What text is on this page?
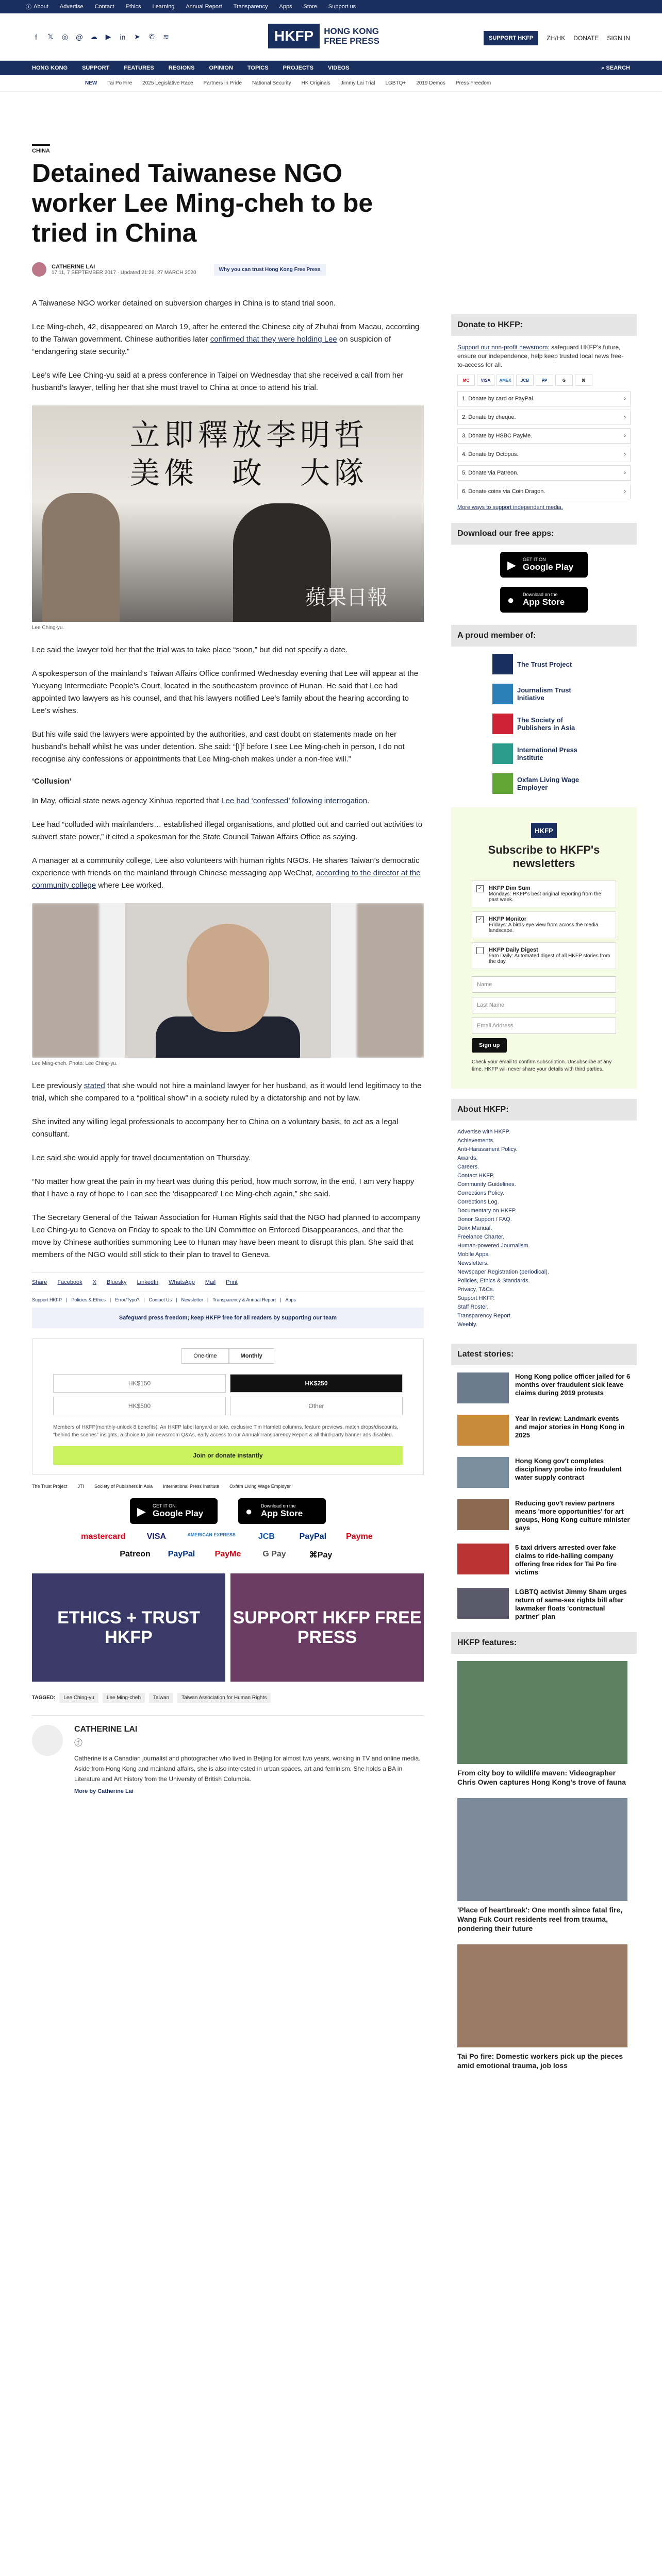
ⓘ About Advertise Contact Ethics Learning Annual Report Transparency Apps Store Support us
f	𝕏 ◎ @ ☁ ▶ in ➤ ✆ ≋	HKFP	HONG KONG
FREE PRESS	SUPPORT HKFP	ZH/HK DONATE SIGN IN
HONG KONG	SUPPORT	FEATURES	REGIONS	OPINION	TOPICS	PROJECTS	VIDEOS	⌕ SEARCH
NEW Tai Po Fire 2025 Legislative Race Partners in Pride National Security HK Originals Jimmy Lai Trial LGBTQ+ 2019 Demos Press Freedom
CHINA
Detained Taiwanese NGO worker Lee Ming-cheh to be tried in China
CATHERINE LAI
17:11, 7 SEPTEMBER 2017 · Updated 21:26, 27 MARCH 2020
Why you can trust Hong Kong Free Press

A Taiwanese NGO worker detained on subversion charges in China is to stand trial soon.

Lee Ming-cheh, 42, disappeared on March 19, after he entered the Chinese city of Zhuhai from Macau, according to the Taiwan government. Chinese authorities later confirmed that they were holding Lee on suspicion of “endangering state security.”

Lee’s wife Lee Ching-yu said at a press conference in Taipei on Wednesday that she received a call from her husband’s lawyer, telling her that she must travel to China at once to attend his trial.

立即釋放李明哲
美傑　政　大隊
蘋果日報
Lee Ching-yu.

Lee said the lawyer told her that the trial was to take place “soon,” but did not specify a date.

A spokesperson of the mainland’s Taiwan Affairs Office confirmed Wednesday evening that Lee will appear at the Yueyang Intermediate People’s Court, located in the southeastern province of Hunan. He said that Lee had appointed two lawyers as his counsel, and that his lawyers notified Lee’s family about the hearing according to Lee’s wishes.

But his wife said the lawyers were appointed by the authorities, and cast doubt on statements made on her husband’s behalf whilst he was under detention. She said: “[I]f before I see Lee Ming-cheh in person, I do not recognise any confessions or appointments that Lee Ming-cheh makes under a non-free will.”

‘Collusion’

In May, official state news agency Xinhua reported that Lee had ‘confessed’ following interrogation.

Lee had “colluded with mainlanders… established illegal organisations, and plotted out and carried out activities to subvert state power,” it cited a spokesman for the State Council Taiwan Affairs Office as saying.

A manager at a community college, Lee also volunteers with human rights NGOs. He shares Taiwan’s democratic experience with friends on the mainland through Chinese messaging app WeChat, according to the director at the community college where Lee worked.

Lee Ming-cheh. Photo: Lee Ching-yu.

Lee previously stated that she would not hire a mainland lawyer for her husband, as it would lend legitimacy to the trial, which she compared to a “political show” in a society ruled by a dictatorship and not by law.

She invited any willing legal professionals to accompany her to China on a voluntary basis, to act as a legal consultant.

Lee said she would apply for travel documentation on Thursday.

“No matter how great the pain in my heart was during this period, how much sorrow, in the end, I am very happy that I have a ray of hope to I can see the ‘disappeared’ Lee Ming-cheh again,” she said.

The Secretary General of the Taiwan Association for Human Rights said that the NGO had planned to accompany Lee Ching-yu to Geneva on Friday to speak to the UN Committee on Enforced Disappearances, and that the move by Chinese authorities summoning Lee to Hunan may have been meant to disrupt this plan. She said that members of the NGO would still stick to their plan to travel to Geneva.

Share Facebook X Bluesky LinkedIn WhatsApp Mail Print
Support HKFP | Policies & Ethics | Error/Typo? | Contact Us | Newsletter | Transparency & Annual Report | Apps
Safeguard press freedom; keep HKFP free for all readers by supporting our team
One-time	Monthly
HK$150	HK$250
HK$500	Other
Members of HKFP(monthly-unlock 8 benefits): An HKFP label lanyard or tote, exclusive Tim Hamlett columns, feature previews, match drops/discounts, “behind the scenes” insights, a choice to join newsroom Q&As, early access to our Annual/Transparency Report & all third-party banner ads disabled.
Join or donate instantly
The Trust Project JTI Society of Publishers in Asia International Press Institute Oxfam Living Wage Employer
▶ GET IT ON
Google Play	● Download on the
App Store
mastercard	VISA	AMERICAN EXPRESS	JCB	PayPal Payme
Patreon PayPal PayMe	G Pay	⌘Pay
ETHICS + TRUST HKFP
SUPPORT HKFP FREE PRESS
TAGGED:	Lee Ching-yu	Lee Ming-cheh	Taiwan	Taiwan Association for Human Rights
CATHERINE LAI
ⓕ
Catherine is a Canadian journalist and photographer who lived in Beijing for almost two years, working in TV and online media. Aside from Hong Kong and mainland affairs, she is also interested in urban spaces, art and feminism. She holds a BA in Literature and Art History from the University of British Columbia.
More by Catherine Lai
Donate to HKFP:
Support our non-profit newsroom: safeguard HKFP's future, ensure our independence, help keep trusted local news free-to-access for all.
MC	VISA	AMEX	JCB	PP	G	⌘
1. Donate by card or PayPal.	›
2. Donate by cheque.	›
3. Donate by HSBC PayMe.	›
4. Donate by Octopus.	›
5. Donate via Patreon.	›
6. Donate coins via Coin Dragon.	›
More ways to support independent media.
Download our free apps:
▶ GET IT ON
Google Play
● Download on the
App Store
A proud member of:
The Trust Project
Journalism Trust Initiative
The Society of Publishers in Asia
International Press Institute
Oxfam Living Wage Employer
HKFP
Subscribe to HKFP's newsletters
✓ HKFP Dim Sum
Mondays: HKFP's best original reporting from the past week.
✓ HKFP Monitor
Fridays: A birds-eye view from across the media landscape.
HKFP Daily Digest
9am Daily: Automated digest of all HKFP stories from the day.
Name
Last Name
Email Address
Sign up
Check your email to confirm subscription. Unsubscribe at any time. HKFP will never share your details with third parties.
About HKFP:
Advertise with HKFP.
Achievements.
Anti-Harassment Policy.
Awards.
Careers.
Contact HKFP.
Community Guidelines.
Corrections Policy.
Corrections Log.
Documentary on HKFP.
Donor Support / FAQ.
Doxx Manual.
Freelance Charter.
Human-powered Journalism.
Mobile Apps.
Newsletters.
Newspaper Registration (periodical).
Policies, Ethics & Standards.
Privacy, T&Cs.
Support HKFP.
Staff Roster.
Transparency Report.
Weebly.
Latest stories:
Hong Kong police officer jailed for 6 months over fraudulent sick leave claims during 2019 protests
Year in review: Landmark events and major stories in Hong Kong in 2025
Hong Kong gov't completes disciplinary probe into fraudulent water supply contract
Reducing gov't review partners means 'more opportunities' for art groups, Hong Kong culture minister says
5 taxi drivers arrested over fake claims to ride-hailing company offering free rides for Tai Po fire victims
LGBTQ activist Jimmy Sham urges return of same-sex rights bill after lawmaker floats 'contractual partner' plan
HKFP features:
From city boy to wildlife maven: Videographer Chris Owen captures Hong Kong's trove of fauna
'Place of heartbreak': One month since fatal fire, Wang Fuk Court residents reel from trauma, pondering their future
Tai Po fire: Domestic workers pick up the pieces amid emotional trauma, job loss
